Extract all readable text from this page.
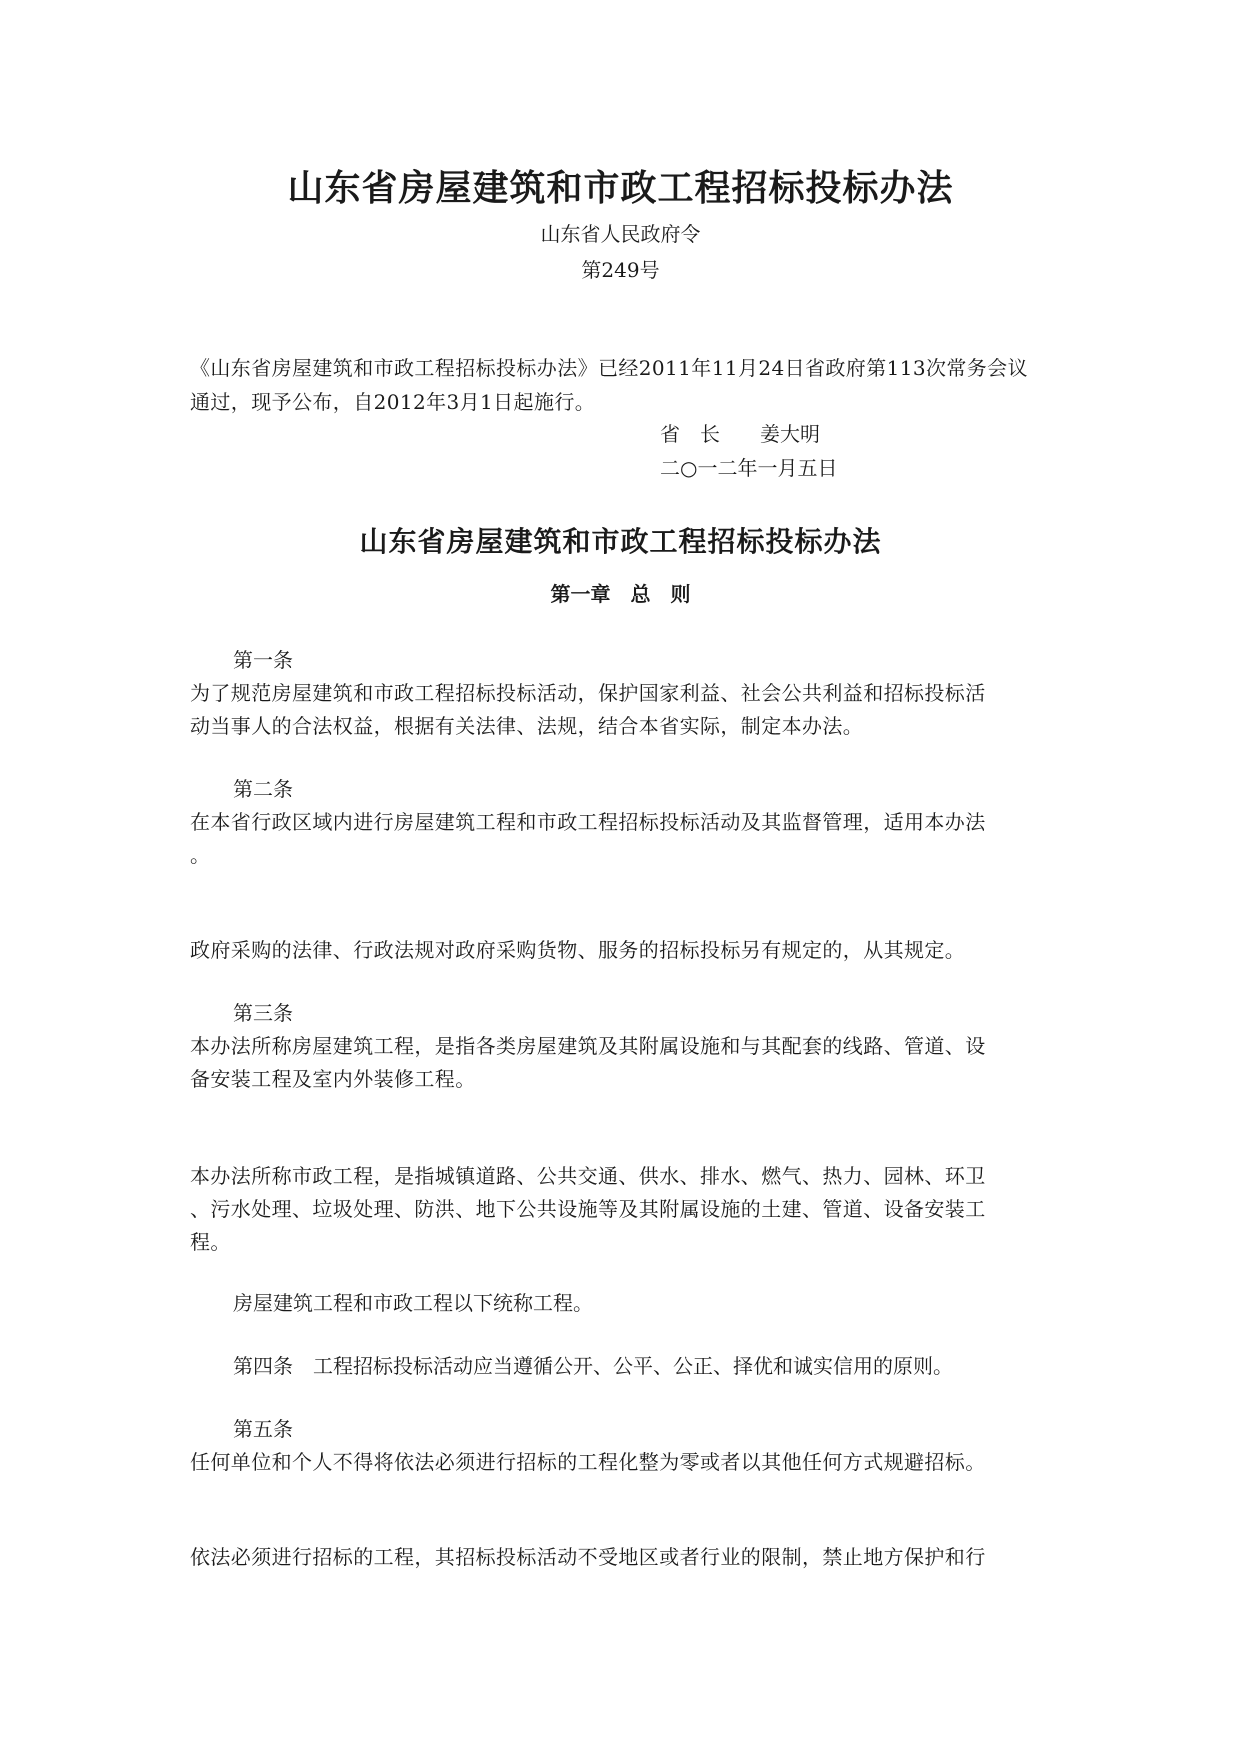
山东省房屋建筑和市政工程招标投标办法
山东省人民政府令
第249号
《山东省房屋建筑和市政工程招标投标办法》已经2011年11月24日省政府第113次常务会议
通过，现予公布，自2012年3月1日起施行。
省　长　　姜大明
二○一二年一月五日
山东省房屋建筑和市政工程招标投标办法
第一章　总　则
第一条
为了规范房屋建筑和市政工程招标投标活动，保护国家利益、社会公共利益和招标投标活
动当事人的合法权益，根据有关法律、法规，结合本省实际，制定本办法。
第二条
在本省行政区域内进行房屋建筑工程和市政工程招标投标活动及其监督管理，适用本办法
。
政府采购的法律、行政法规对政府采购货物、服务的招标投标另有规定的，从其规定。
第三条
本办法所称房屋建筑工程，是指各类房屋建筑及其附属设施和与其配套的线路、管道、设
备安装工程及室内外装修工程。
本办法所称市政工程，是指城镇道路、公共交通、供水、排水、燃气、热力、园林、环卫
、污水处理、垃圾处理、防洪、地下公共设施等及其附属设施的土建、管道、设备安装工
程。
房屋建筑工程和市政工程以下统称工程。
第四条　工程招标投标活动应当遵循公开、公平、公正、择优和诚实信用的原则。
第五条
任何单位和个人不得将依法必须进行招标的工程化整为零或者以其他任何方式规避招标。
依法必须进行招标的工程，其招标投标活动不受地区或者行业的限制，禁止地方保护和行
